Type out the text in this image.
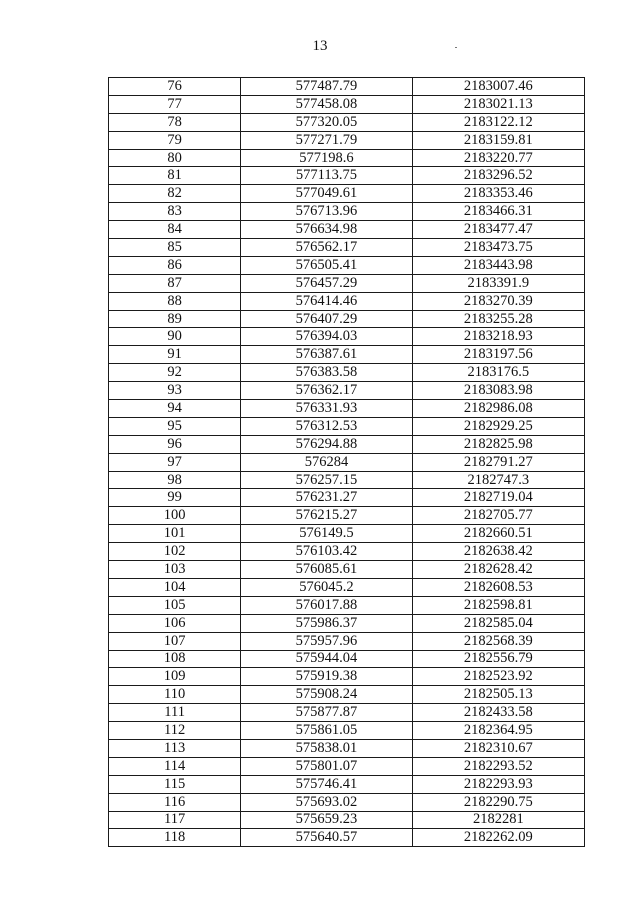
13
76	577487.79	2183007.46
77	577458.08	2183021.13
78	577320.05	2183122.12
79	577271.79	2183159.81
80	577198.6	2183220.77
81	577113.75	2183296.52
82	577049.61	2183353.46
83	576713.96	2183466.31
84	576634.98	2183477.47
85	576562.17	2183473.75
86	576505.41	2183443.98
87	576457.29	2183391.9
88	576414.46	2183270.39
89	576407.29	2183255.28
90	576394.03	2183218.93
91	576387.61	2183197.56
92	576383.58	2183176.5
93	576362.17	2183083.98
94	576331.93	2182986.08
95	576312.53	2182929.25
96	576294.88	2182825.98
97	576284	2182791.27
98	576257.15	2182747.3
99	576231.27	2182719.04
100	576215.27	2182705.77
101	576149.5	2182660.51
102	576103.42	2182638.42
103	576085.61	2182628.42
104	576045.2	2182608.53
105	576017.88	2182598.81
106	575986.37	2182585.04
107	575957.96	2182568.39
108	575944.04	2182556.79
109	575919.38	2182523.92
110	575908.24	2182505.13
111	575877.87	2182433.58
112	575861.05	2182364.95
113	575838.01	2182310.67
114	575801.07	2182293.52
115	575746.41	2182293.93
116	575693.02	2182290.75
117	575659.23	2182281
118	575640.57	2182262.09
